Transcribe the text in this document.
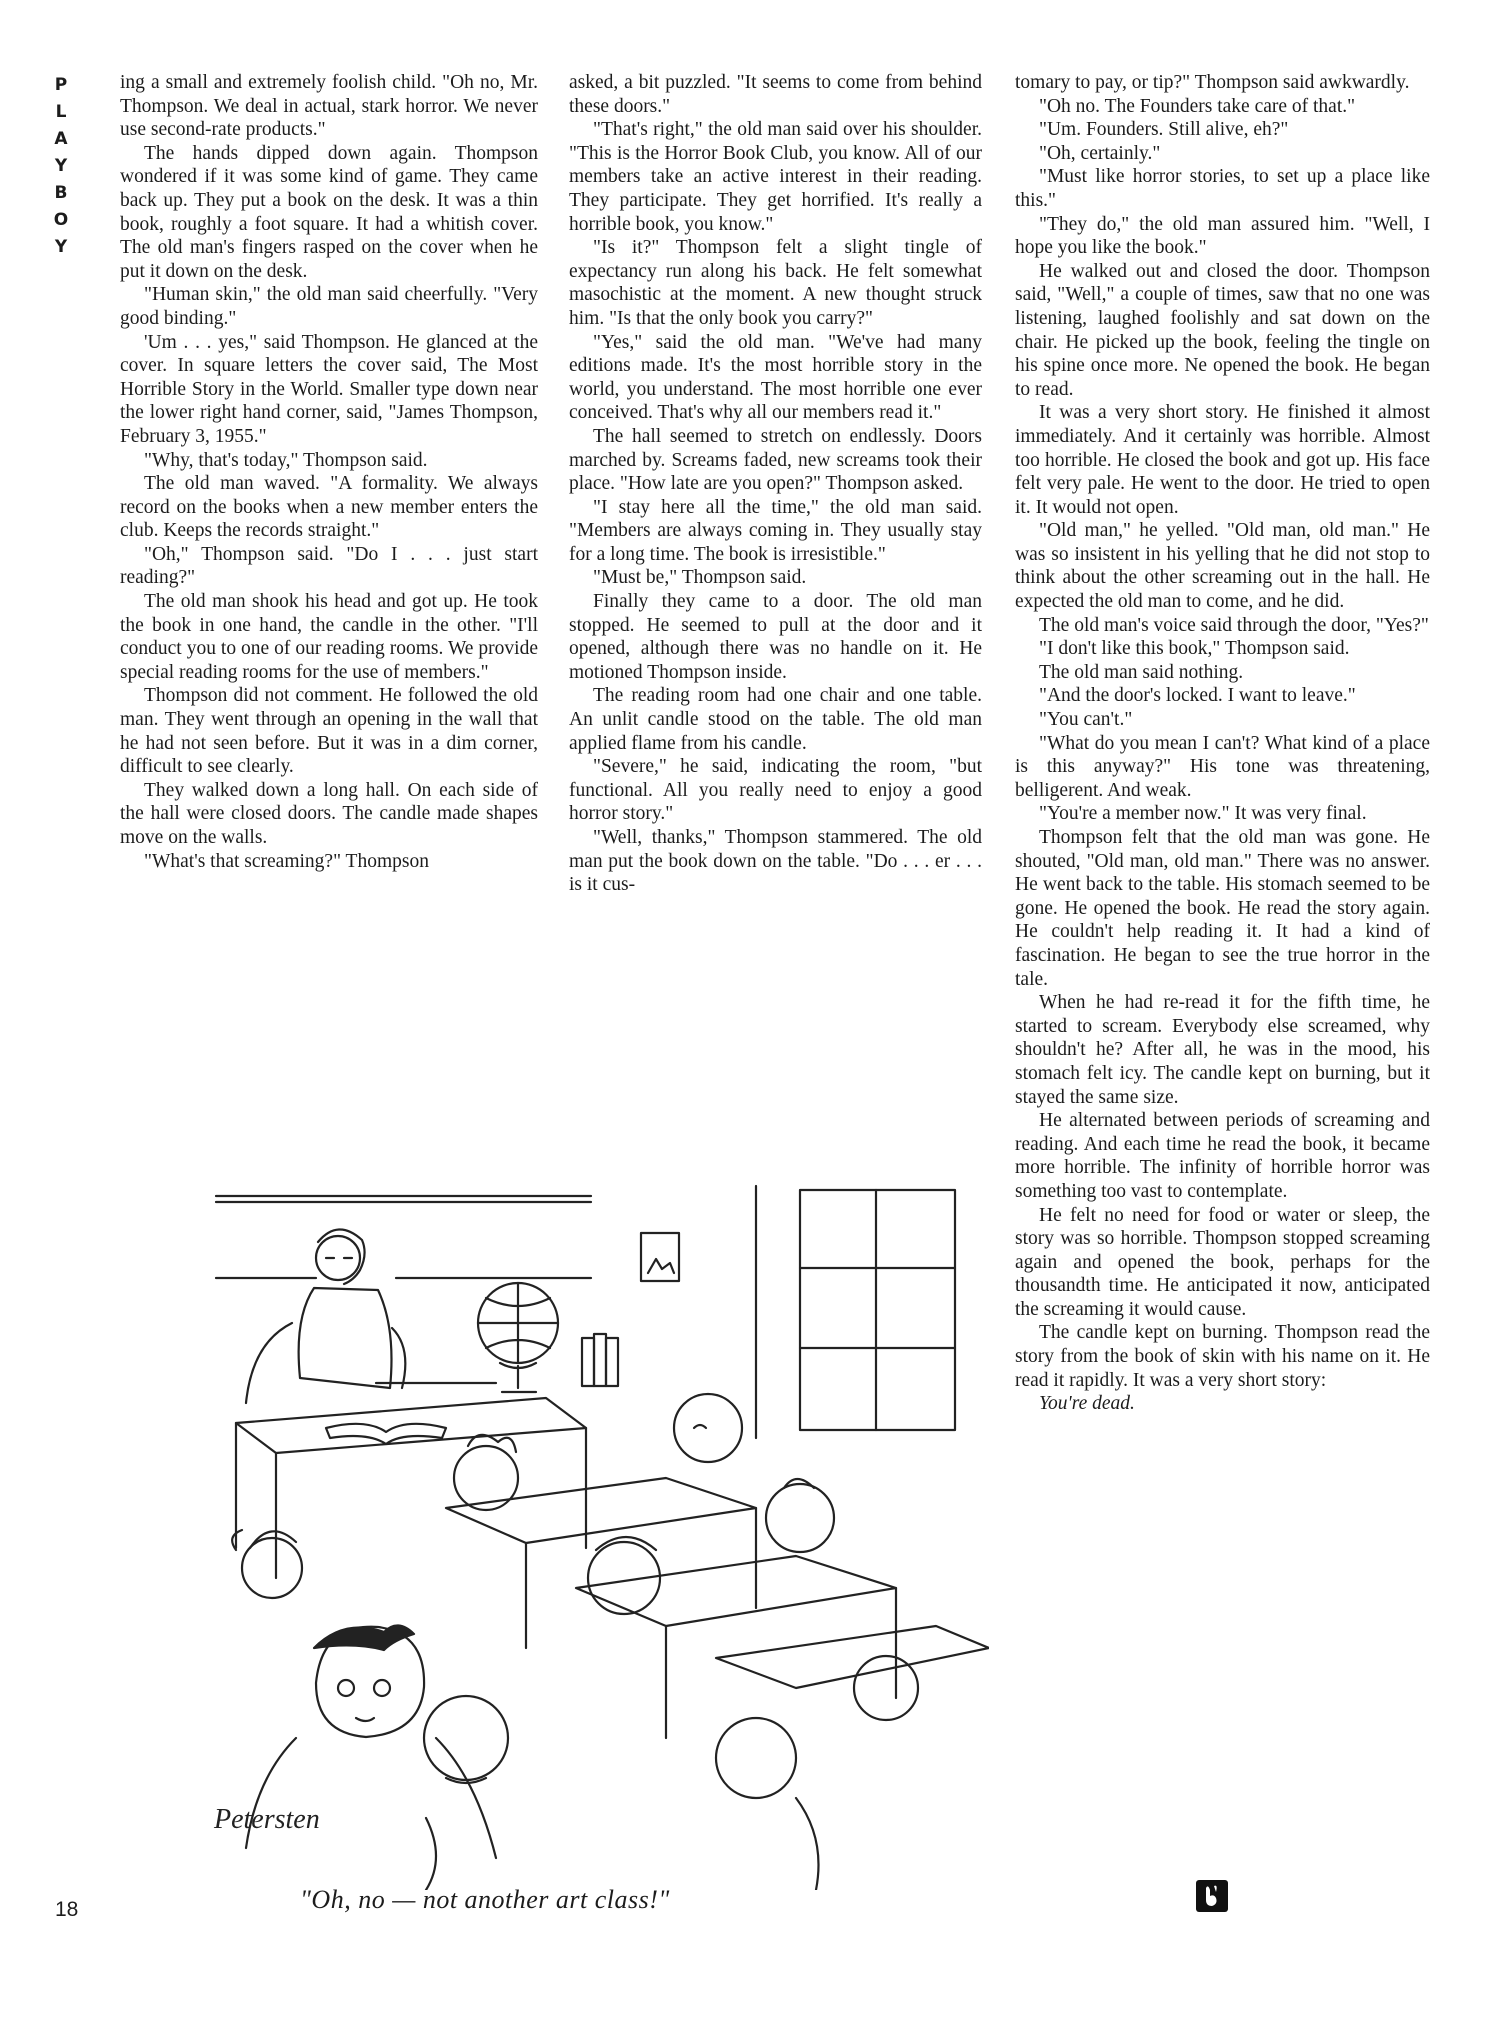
P
L
A
Y
B
O
Y

ing a small and extremely foolish child. "Oh no, Mr. Thompson. We deal in actual, stark horror. We never use second-rate products."

The hands dipped down again. Thompson wondered if it was some kind of game. They came back up. They put a book on the desk. It was a thin book, roughly a foot square. It had a whitish cover. The old man's fingers rasped on the cover when he put it down on the desk.

"Human skin," the old man said cheerfully. "Very good binding."

'Um . . . yes," said Thompson. He glanced at the cover. In square letters the cover said, The Most Horrible Story in the World. Smaller type down near the lower right hand corner, said, "James Thompson, February 3, 1955."

"Why, that's today," Thompson said.

The old man waved. "A formality. We always record on the books when a new member enters the club. Keeps the records straight."

"Oh," Thompson said. "Do I . . . just start reading?"

The old man shook his head and got up. He took the book in one hand, the candle in the other. "I'll conduct you to one of our reading rooms. We provide special reading rooms for the use of members."

Thompson did not comment. He followed the old man. They went through an opening in the wall that he had not seen before. But it was in a dim corner, difficult to see clearly.

They walked down a long hall. On each side of the hall were closed doors. The candle made shapes move on the walls.

"What's that screaming?" Thompson

asked, a bit puzzled. "It seems to come from behind these doors."

"That's right," the old man said over his shoulder. "This is the Horror Book Club, you know. All of our members take an active interest in their reading. They participate. They get horrified. It's really a horrible book, you know."

"Is it?" Thompson felt a slight tingle of expectancy run along his back. He felt somewhat masochistic at the moment. A new thought struck him. "Is that the only book you carry?"

"Yes," said the old man. "We've had many editions made. It's the most horrible story in the world, you understand. The most horrible one ever conceived. That's why all our members read it."

The hall seemed to stretch on endlessly. Doors marched by. Screams faded, new screams took their place. "How late are you open?" Thompson asked.

"I stay here all the time," the old man said. "Members are always coming in. They usually stay for a long time. The book is irresistible."

"Must be," Thompson said.

Finally they came to a door. The old man stopped. He seemed to pull at the door and it opened, although there was no handle on it. He motioned Thompson inside.

The reading room had one chair and one table. An unlit candle stood on the table. The old man applied flame from his candle.

"Severe," he said, indicating the room, "but functional. All you really need to enjoy a good horror story."

"Well, thanks," Thompson stammered. The old man put the book down on the table. "Do . . . er . . . is it cus-

tomary to pay, or tip?" Thompson said awkwardly.

"Oh no. The Founders take care of that."

"Um. Founders. Still alive, eh?"

"Oh, certainly."

"Must like horror stories, to set up a place like this."

"They do," the old man assured him. "Well, I hope you like the book."

He walked out and closed the door. Thompson said, "Well," a couple of times, saw that no one was listening, laughed foolishly and sat down on the chair. He picked up the book, feeling the tingle on his spine once more. Ne opened the book. He began to read.

It was a very short story. He finished it almost immediately. And it certainly was horrible. Almost too horrible. He closed the book and got up. His face felt very pale. He went to the door. He tried to open it. It would not open.

"Old man," he yelled. "Old man, old man." He was so insistent in his yelling that he did not stop to think about the other screaming out in the hall. He expected the old man to come, and he did.

The old man's voice said through the door, "Yes?"

"I don't like this book," Thompson said.

The old man said nothing.

"And the door's locked. I want to leave."

"You can't."

"What do you mean I can't? What kind of a place is this anyway?" His tone was threatening, belligerent. And weak.

"You're a member now." It was very final.

Thompson felt that the old man was gone. He shouted, "Old man, old man." There was no answer. He went back to the table. His stomach seemed to be gone. He opened the book. He read the story again. He couldn't help reading it. It had a kind of fascination. He began to see the true horror in the tale.

When he had re-read it for the fifth time, he started to scream. Everybody else screamed, why shouldn't he? After all, he was in the mood, his stomach felt icy. The candle kept on burning, but it stayed the same size.

He alternated between periods of screaming and reading. And each time he read the book, it became more horrible. The infinity of horrible horror was something too vast to contemplate.

He felt no need for food or water or sleep, the story was so horrible. Thompson stopped screaming again and opened the book, perhaps for the thousandth time. He anticipated it now, anticipated the screaming it would cause.

The candle kept on burning. Thompson read the story from the book of skin with his name on it. He read it rapidly. It was a very short story:

You're dead.

Petersten
"Oh, no — not another art class!"
18
